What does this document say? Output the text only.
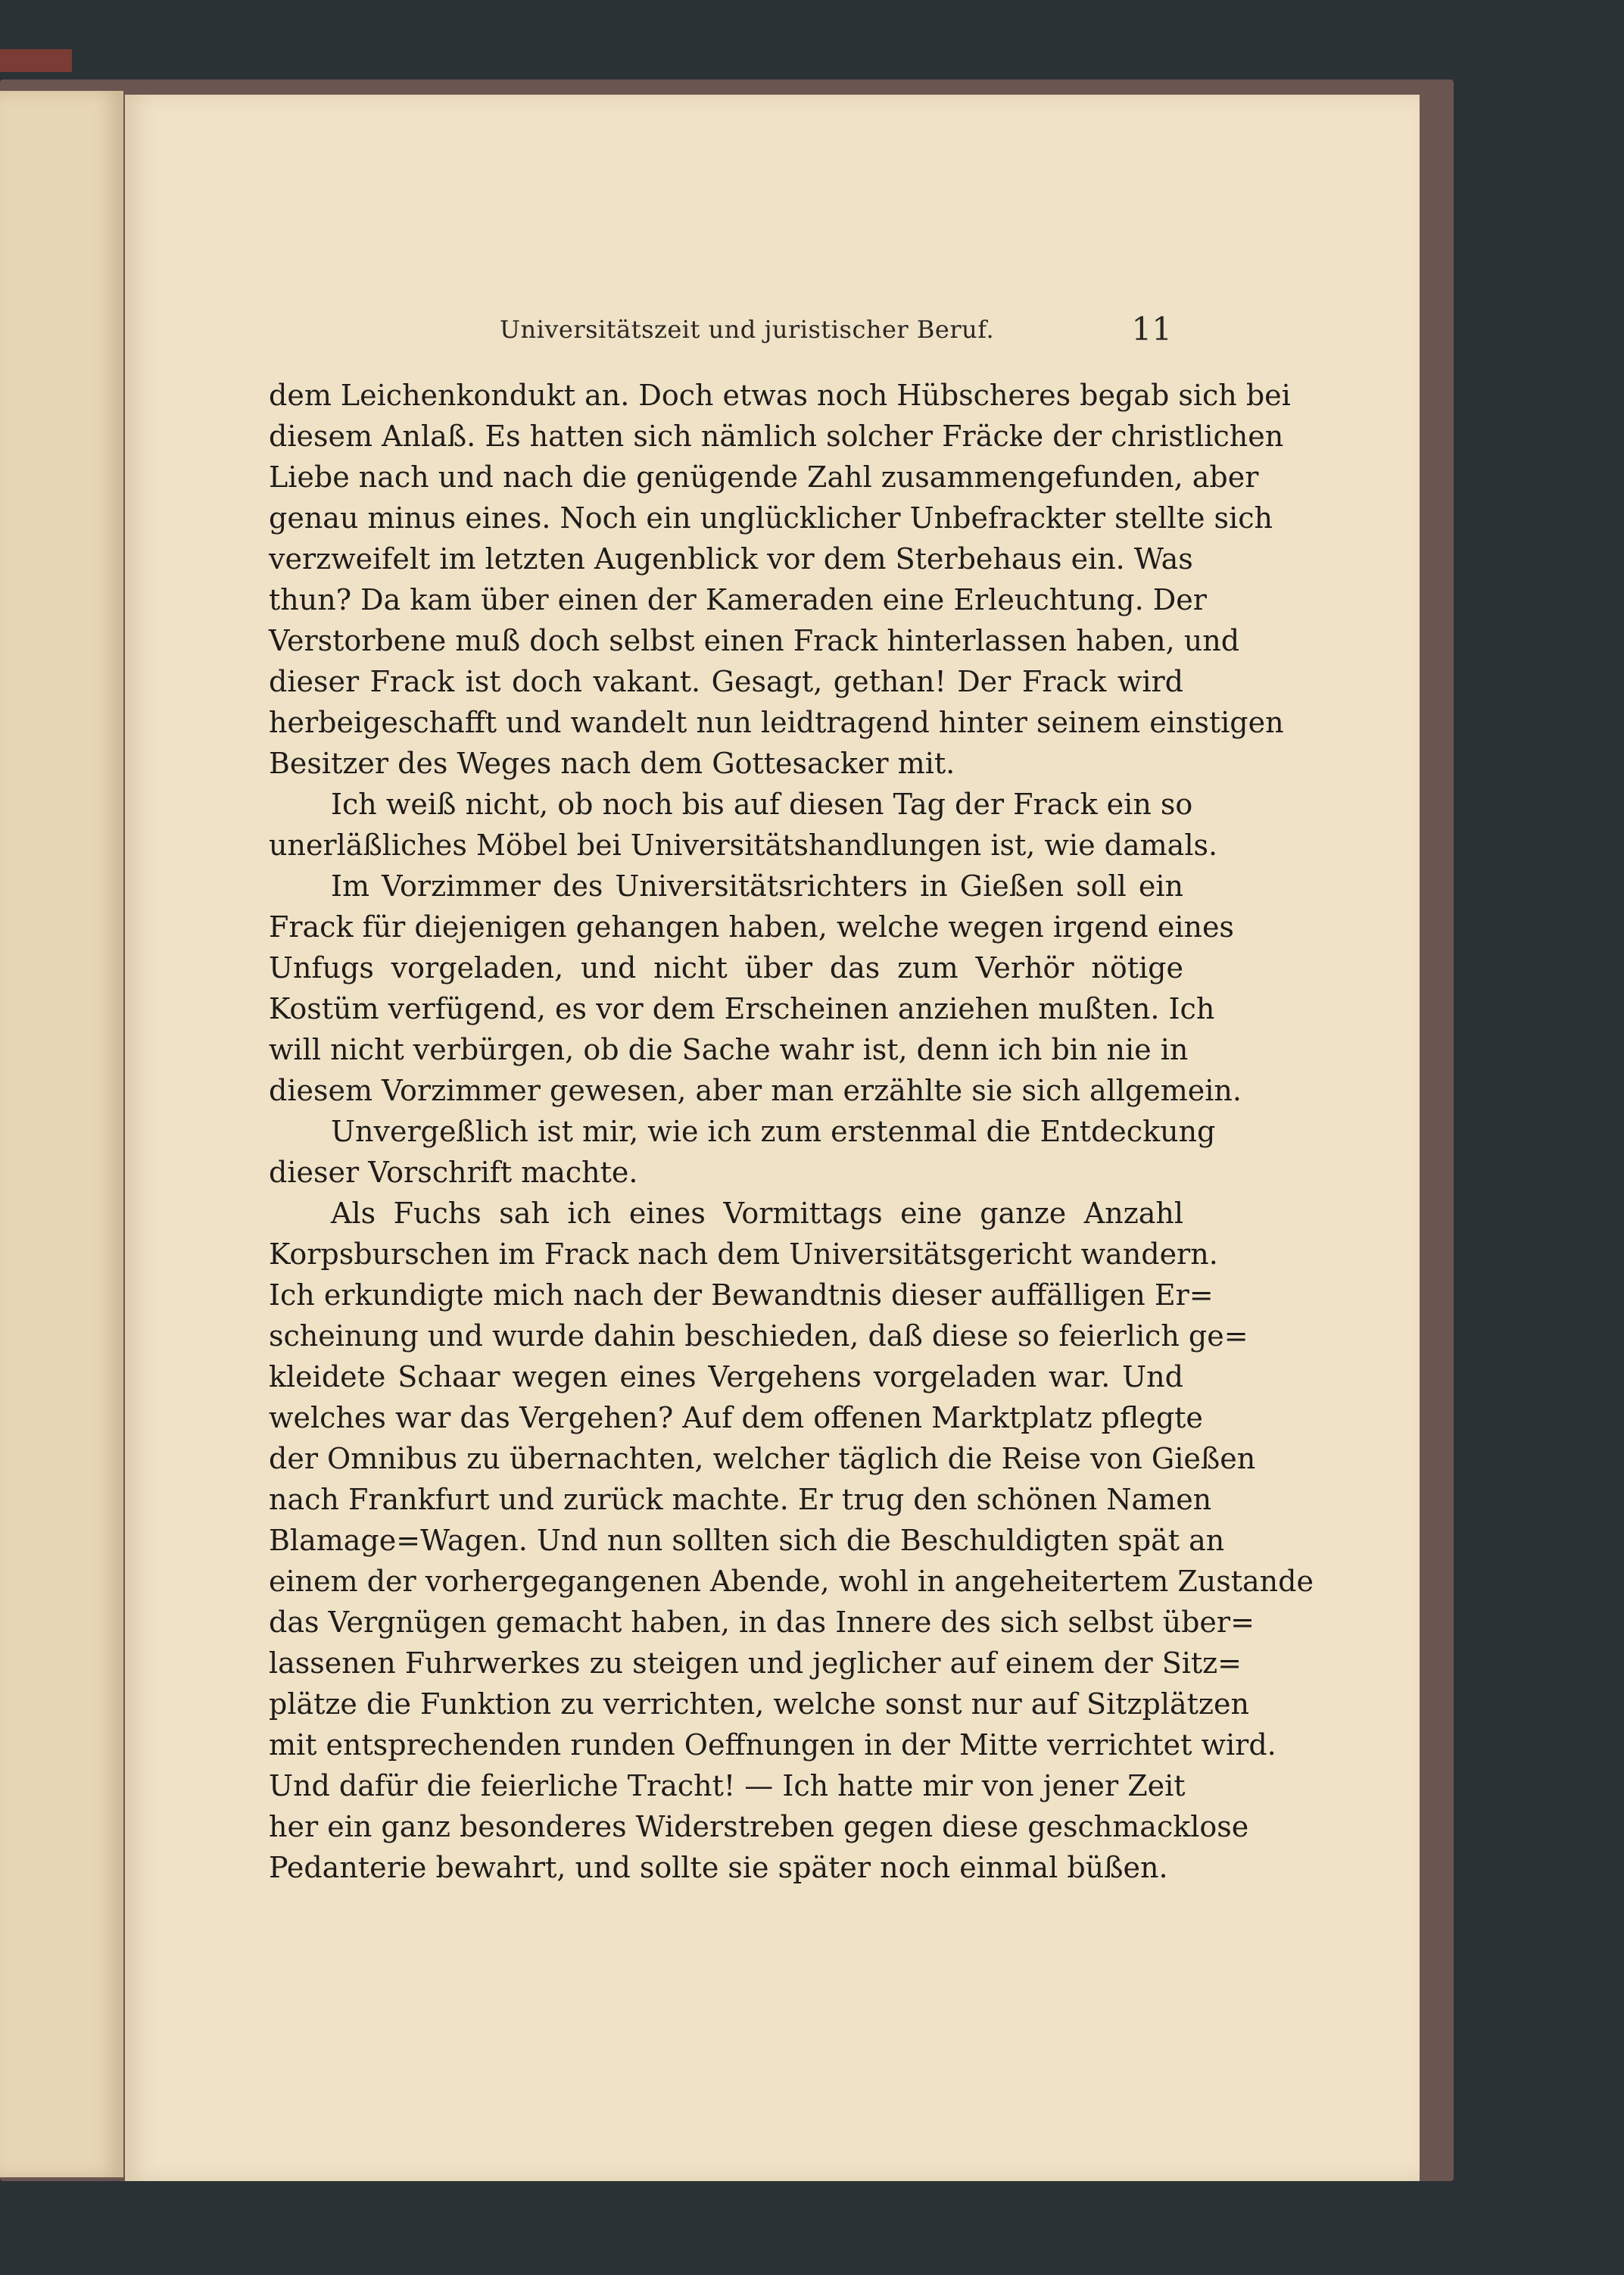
Universitätszeit und juristischer Beruf.	11
dem Leichenkondukt an. Doch etwas noch Hübscheres begab sich bei
diesem Anlaß. Es hatten sich nämlich solcher Fräcke der christlichen
Liebe nach und nach die genügende Zahl zusammengefunden, aber
genau minus eines. Noch ein unglücklicher Unbefrackter stellte sich
verzweifelt im letzten Augenblick vor dem Sterbehaus ein. Was
thun? Da kam über einen der Kameraden eine Erleuchtung. Der
Verstorbene muß doch selbst einen Frack hinterlassen haben, und
dieser Frack ist doch vakant. Gesagt, gethan! Der Frack wird
herbeigeschafft und wandelt nun leidtragend hinter seinem einstigen
Besitzer des Weges nach dem Gottesacker mit.
Ich weiß nicht, ob noch bis auf diesen Tag der Frack ein so
unerläßliches Möbel bei Universitätshandlungen ist, wie damals.
Im Vorzimmer des Universitätsrichters in Gießen soll ein
Frack für diejenigen gehangen haben, welche wegen irgend eines
Unfugs vorgeladen, und nicht über das zum Verhör nötige
Kostüm verfügend, es vor dem Erscheinen anziehen mußten. Ich
will nicht verbürgen, ob die Sache wahr ist, denn ich bin nie in
diesem Vorzimmer gewesen, aber man erzählte sie sich allgemein.
Unvergeßlich ist mir, wie ich zum erstenmal die Entdeckung
dieser Vorschrift machte.
Als Fuchs sah ich eines Vormittags eine ganze Anzahl
Korpsburschen im Frack nach dem Universitätsgericht wandern.
Ich erkundigte mich nach der Bewandtnis dieser auffälligen Er=
scheinung und wurde dahin beschieden, daß diese so feierlich ge=
kleidete Schaar wegen eines Vergehens vorgeladen war. Und
welches war das Vergehen? Auf dem offenen Marktplatz pflegte
der Omnibus zu übernachten, welcher täglich die Reise von Gießen
nach Frankfurt und zurück machte. Er trug den schönen Namen
Blamage=Wagen. Und nun sollten sich die Beschuldigten spät an
einem der vorhergegangenen Abende, wohl in angeheitertem Zustande
das Vergnügen gemacht haben, in das Innere des sich selbst über=
lassenen Fuhrwerkes zu steigen und jeglicher auf einem der Sitz=
plätze die Funktion zu verrichten, welche sonst nur auf Sitzplätzen
mit entsprechenden runden Oeffnungen in der Mitte verrichtet wird.
Und dafür die feierliche Tracht! — Ich hatte mir von jener Zeit
her ein ganz besonderes Widerstreben gegen diese geschmacklose
Pedanterie bewahrt, und sollte sie später noch einmal büßen.
